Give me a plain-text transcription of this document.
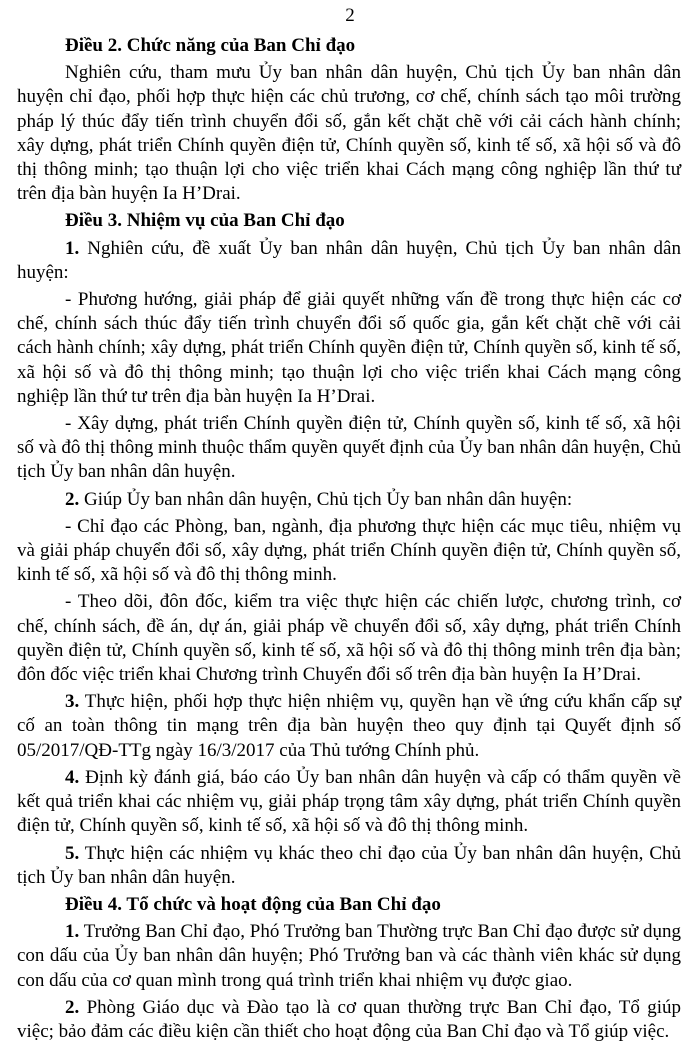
2

Điều 2. Chức năng của Ban Chỉ đạo

Nghiên cứu, tham mưu Ủy ban nhân dân huyện, Chủ tịch Ủy ban nhân dân huyện chỉ đạo, phối hợp thực hiện các chủ trương, cơ chế, chính sách tạo môi trường pháp lý thúc đẩy tiến trình chuyển đổi số, gắn kết chặt chẽ với cải cách hành chính; xây dựng, phát triển Chính quyền điện tử, Chính quyền số, kinh tế số, xã hội số và đô thị thông minh; tạo thuận lợi cho việc triển khai Cách mạng công nghiệp lần thứ tư trên địa bàn huyện Ia H’Drai.

Điều 3. Nhiệm vụ của Ban Chỉ đạo

1. Nghiên cứu, đề xuất Ủy ban nhân dân huyện, Chủ tịch Ủy ban nhân dân huyện:

- Phương hướng, giải pháp để giải quyết những vấn đề trong thực hiện các cơ chế, chính sách thúc đẩy tiến trình chuyển đổi số quốc gia, gắn kết chặt chẽ với cải cách hành chính; xây dựng, phát triển Chính quyền điện tử, Chính quyền số, kinh tế số, xã hội số và đô thị thông minh; tạo thuận lợi cho việc triển khai Cách mạng công nghiệp lần thứ tư trên địa bàn huyện Ia H’Drai.

- Xây dựng, phát triển Chính quyền điện tử, Chính quyền số, kinh tế số, xã hội số và đô thị thông minh thuộc thẩm quyền quyết định của Ủy ban nhân dân huyện, Chủ tịch Ủy ban nhân dân huyện.

2. Giúp Ủy ban nhân dân huyện, Chủ tịch Ủy ban nhân dân huyện:

- Chỉ đạo các Phòng, ban, ngành, địa phương thực hiện các mục tiêu, nhiệm vụ và giải pháp chuyển đổi số, xây dựng, phát triển Chính quyền điện tử, Chính quyền số, kinh tế số, xã hội số và đô thị thông minh.

- Theo dõi, đôn đốc, kiểm tra việc thực hiện các chiến lược, chương trình, cơ chế, chính sách, đề án, dự án, giải pháp về chuyển đổi số, xây dựng, phát triển Chính quyền điện tử, Chính quyền số, kinh tế số, xã hội số và đô thị thông minh trên địa bàn; đôn đốc việc triển khai Chương trình Chuyển đổi số trên địa bàn huyện Ia H’Drai.

3. Thực hiện, phối hợp thực hiện nhiệm vụ, quyền hạn về ứng cứu khẩn cấp sự cố an toàn thông tin mạng trên địa bàn huyện theo quy định tại Quyết định số 05/2017/QĐ-TTg ngày 16/3/2017 của Thủ tướng Chính phủ.

4. Định kỳ đánh giá, báo cáo Ủy ban nhân dân huyện và cấp có thẩm quyền về kết quả triển khai các nhiệm vụ, giải pháp trọng tâm xây dựng, phát triển Chính quyền điện tử, Chính quyền số, kinh tế số, xã hội số và đô thị thông minh.

5. Thực hiện các nhiệm vụ khác theo chỉ đạo của Ủy ban nhân dân huyện, Chủ tịch Ủy ban nhân dân huyện.

Điều 4. Tổ chức và hoạt động của Ban Chỉ đạo

1. Trưởng Ban Chỉ đạo, Phó Trưởng ban Thường trực Ban Chỉ đạo được sử dụng con dấu của Ủy ban nhân dân huyện; Phó Trưởng ban và các thành viên khác sử dụng con dấu của cơ quan mình trong quá trình triển khai nhiệm vụ được giao.

2. Phòng Giáo dục và Đào tạo là cơ quan thường trực Ban Chỉ đạo, Tổ giúp việc; bảo đảm các điều kiện cần thiết cho hoạt động của Ban Chỉ đạo và Tổ giúp việc.
